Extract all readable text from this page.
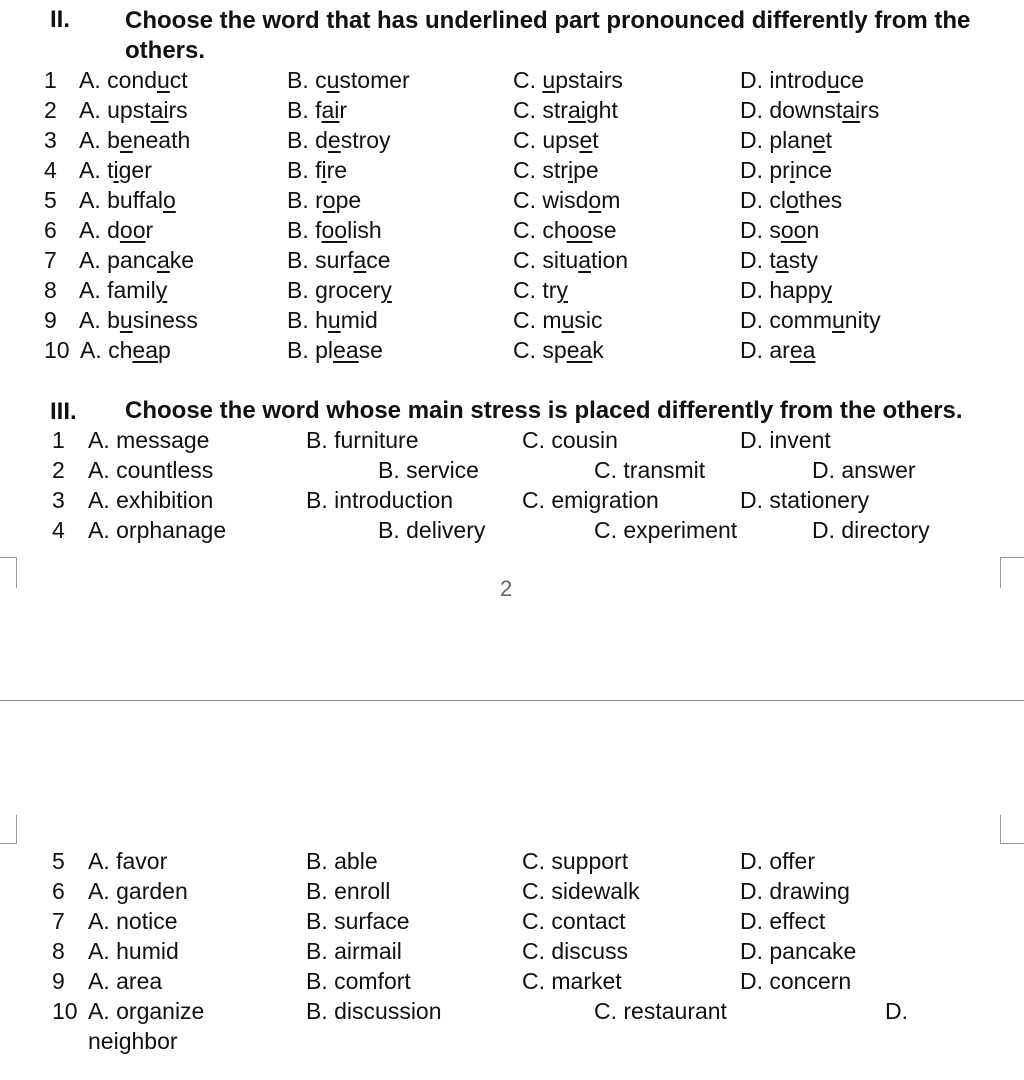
II. Choose the word that has underlined part pronounced differently from the
others.
1 A. conduct	B. customer	C. upstairs	D. introduce
2 A. upstairs	B. fair	C. straight	D. downstairs
3 A. beneath	B. destroy	C. upset	D. planet
4 A. tiger	B. fire	C. stripe	D. prince
5 A. buffalo	B. rope	C. wisdom	D. clothes
6 A. door	B. foolish	C. choose	D. soon
7 A. pancake	B. surface	C. situation	D. tasty
8 A. family	B. grocery	C. try	D. happy
9 A. business	B. humid	C. music	D. community
10 A. cheap	B. please	C. speak	D. area
III. Choose the word whose main stress is placed differently from the others.
1 A. message	B. furniture	C. cousin	D. invent
2 A. countless	B. service	C. transmit	D. answer
3 A. exhibition	B. introduction	C. emigration	D. stationery
4 A. orphanage	B. delivery	C. experiment	D. directory
2
5 A. favor	B. able	C. support	D. offer
6 A. garden	B. enroll	C. sidewalk	D. drawing
7 A. notice	B. surface	C. contact	D. effect
8 A. humid	B. airmail	C. discuss	D. pancake
9 A. area	B. comfort	C. market	D. concern
10 A. organize	B. discussion	C. restaurant	D.
neighbor
